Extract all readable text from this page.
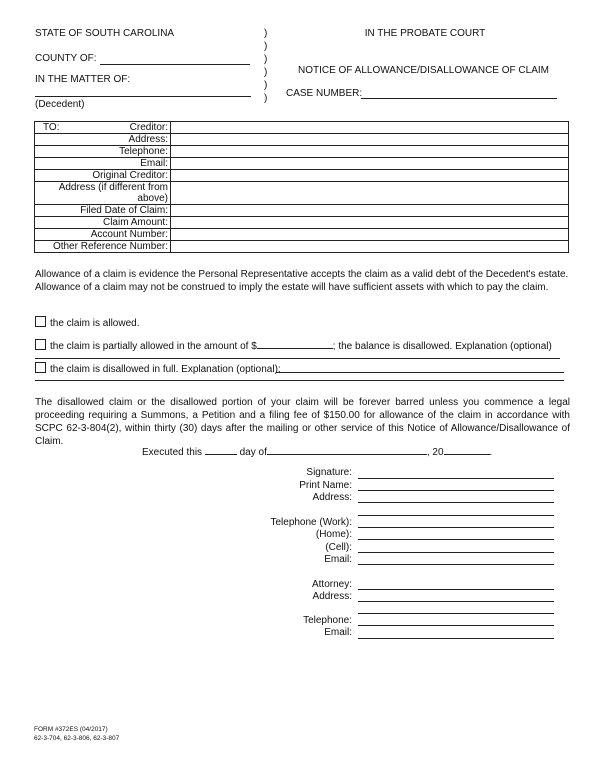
STATE OF SOUTH CAROLINA	IN THE PROBATE COURT
)
)
)
)
)
)
COUNTY OF:
IN THE MATTER OF:
(Decedent)
NOTICE OF ALLOWANCE/DISALLOWANCE OF CLAIM
CASE NUMBER:
TO: Creditor:	
Address:	
Telephone:	
Email:	
Original Creditor:	
Address (if different from
above)	
Filed Date of Claim:	
Claim Amount:	
Account Number:	
Other Reference Number:	
Allowance of a claim is evidence the Personal Representative accepts the claim as a valid debt of the Decedent's estate. Allowance of a claim may not be construed to imply the estate will have sufficient assets with which to pay the claim.
the claim is allowed.
the claim is partially allowed in the amount of $	; the balance is disallowed. Explanation (optional)
the claim is disallowed in full. Explanation (optional):
The disallowed claim or the disallowed portion of your claim will be forever barred unless you commence a legal proceeding requiring a Summons, a Petition and a filing fee of $150.00 for allowance of the claim in accordance with SCPC 62-3-804(2), within thirty (30) days after the mailing or other service of this Notice of Allowance/Disallowance of Claim.
Executed this	day of	, 20	.
Signature:
Print Name:
Address:
Telephone (Work):
(Home):
(Cell):
Email:
Attorney:
Address:
Telephone:
Email:
FORM #372ES (04/2017)
62-3-704, 62-3-806, 62-3-807
